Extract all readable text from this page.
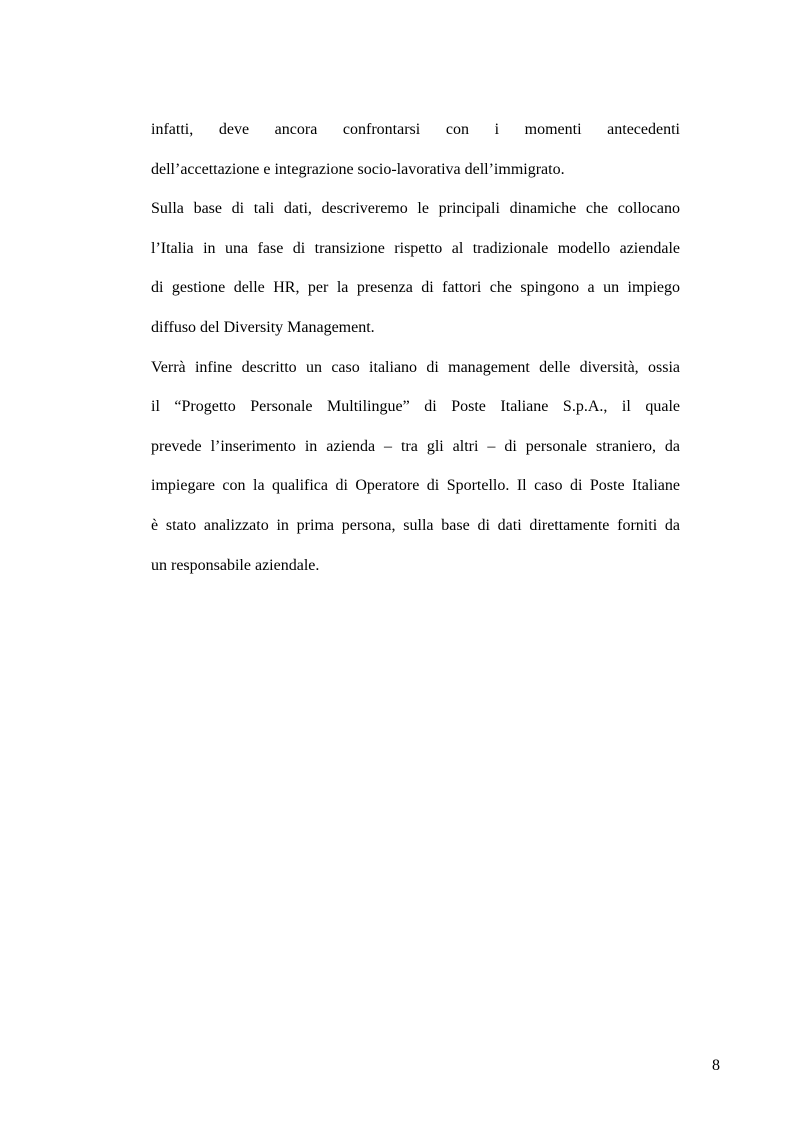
infatti, deve ancora confrontarsi con i momenti antecedenti
dell’accettazione e integrazione socio-lavorativa dell’immigrato.
Sulla base di tali dati, descriveremo le principali dinamiche che collocano
l’Italia in una fase di transizione rispetto al tradizionale modello aziendale
di gestione delle HR, per la presenza di fattori che spingono a un impiego
diffuso del Diversity Management.
Verrà infine descritto un caso italiano di management delle diversità, ossia
il “Progetto Personale Multilingue” di Poste Italiane S.p.A., il quale
prevede l’inserimento in azienda – tra gli altri – di personale straniero, da
impiegare con la qualifica di Operatore di Sportello. Il caso di Poste Italiane
è stato analizzato in prima persona, sulla base di dati direttamente forniti da
un responsabile aziendale.
8
